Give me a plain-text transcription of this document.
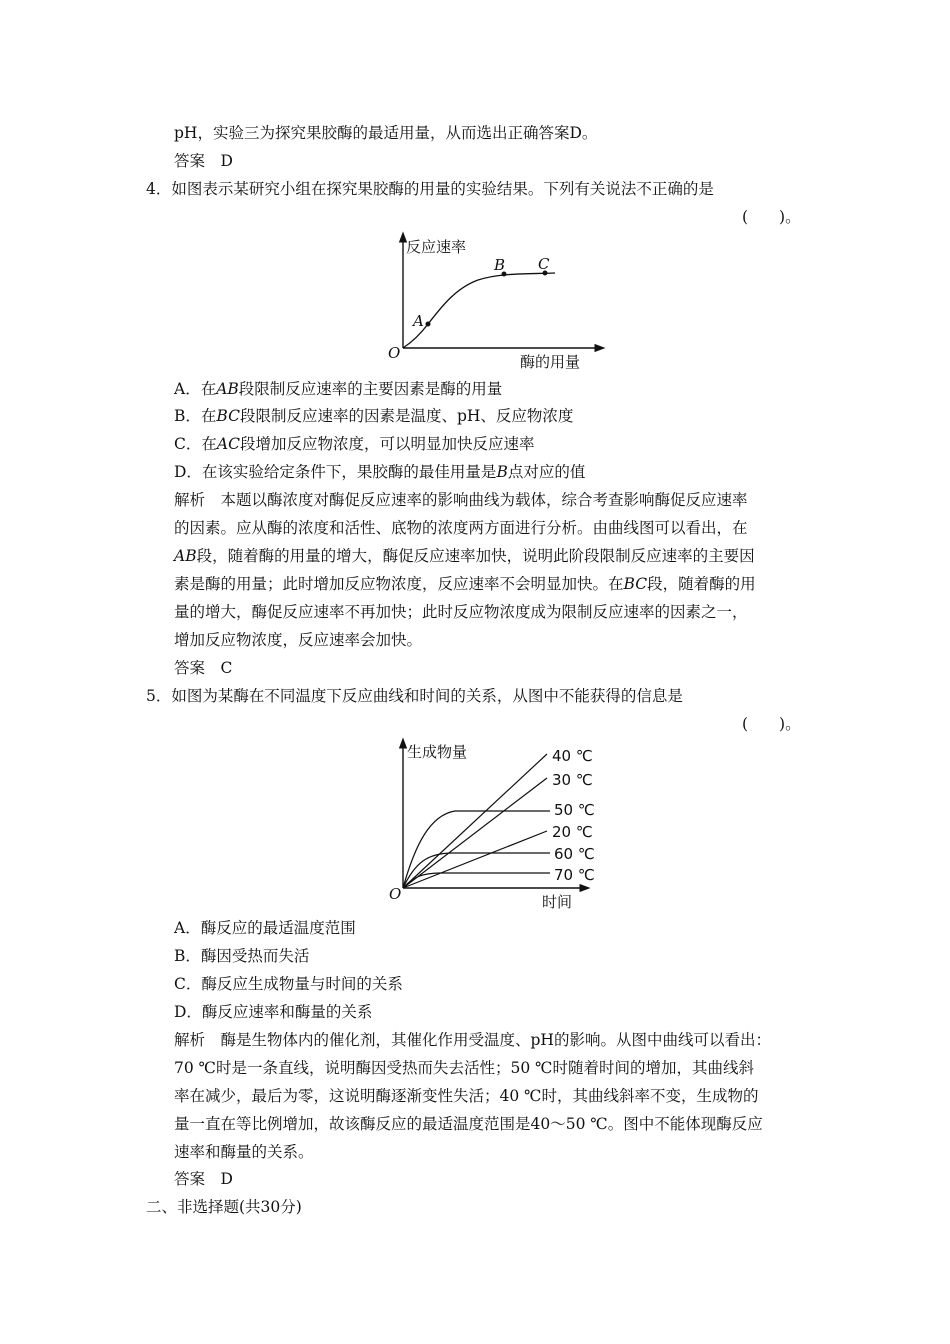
pH，实验三为探究果胶酶的最适用量，从而选出正确答案D。
答案　D
4．如图表示某研究小组在探究果胶酶的用量的实验结果。下列有关说法不正确的是
(　　)。
反应速率
酶的用量
O
A
B C
A．在AB段限制反应速率的主要因素是酶的用量
B．在BC段限制反应速率的因素是温度、pH、反应物浓度
C．在AC段增加反应物浓度，可以明显加快反应速率
D．在该实验给定条件下，果胶酶的最佳用量是B点对应的值
解析　本题以酶浓度对酶促反应速率的影响曲线为载体，综合考查影响酶促反应速率
的因素。应从酶的浓度和活性、底物的浓度两方面进行分析。由曲线图可以看出，在
AB段，随着酶的用量的增大，酶促反应速率加快，说明此阶段限制反应速率的主要因
素是酶的用量；此时增加反应物浓度，反应速率不会明显加快。在BC段，随着酶的用
量的增大，酶促反应速率不再加快；此时反应物浓度成为限制反应速率的因素之一，
增加反应物浓度，反应速率会加快。
答案　C
5．如图为某酶在不同温度下反应曲线和时间的关系，从图中不能获得的信息是
(　　)。
生成物量
时间
O
40 ℃
30 ℃
50 ℃
20 ℃
60 ℃
70 ℃
A．酶反应的最适温度范围
B．酶因受热而失活
C．酶反应生成物量与时间的关系
D．酶反应速率和酶量的关系
解析　酶是生物体内的催化剂，其催化作用受温度、pH的影响。从图中曲线可以看出：
70 ℃时是一条直线，说明酶因受热而失去活性；50 ℃时随着时间的增加，其曲线斜
率在减少，最后为零，这说明酶逐渐变性失活；40 ℃时，其曲线斜率不变，生成物的
量一直在等比例增加，故该酶反应的最适温度范围是40～50 ℃。图中不能体现酶反应
速率和酶量的关系。
答案　D
二、非选择题(共30分)
